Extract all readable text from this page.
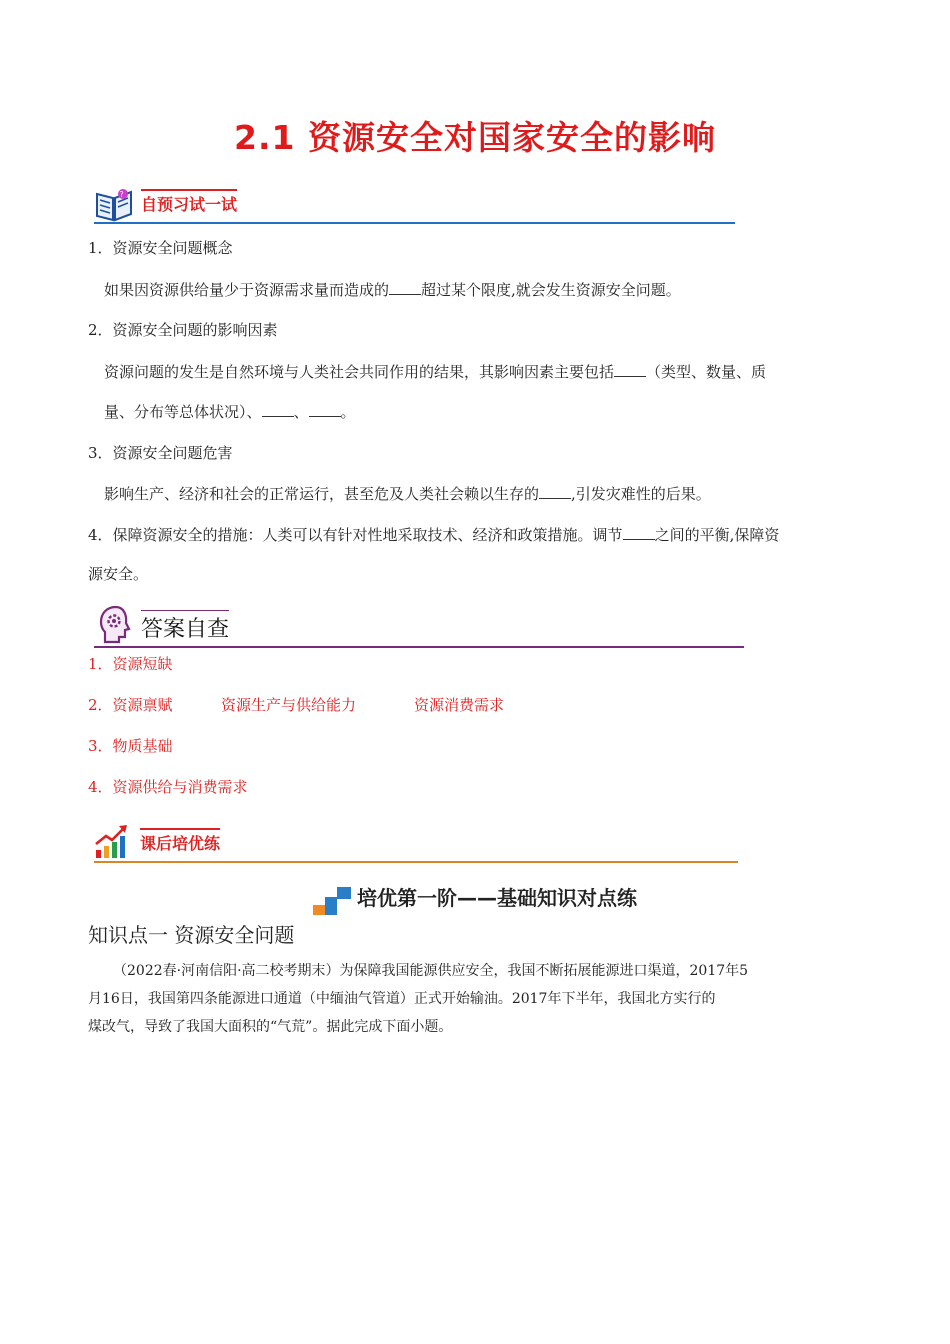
2.1 资源安全对国家安全的影响
?
自预习试一试
1．资源安全问题概念
如果因资源供给量少于资源需求量而造成的 超过某个限度,就会发生资源安全问题。
2．资源安全问题的影响因素
资源问题的发生是自然环境与人类社会共同作用的结果，其影响因素主要包括 （类型、数量、质
量、分布等总体状况）、 、 。
3．资源安全问题危害
影响生产、经济和社会的正常运行，甚至危及人类社会赖以生存的 ,引发灾难性的后果。
4．保障资源安全的措施：人类可以有针对性地采取技术、经济和政策措施。调节 之间的平衡,保障资
源安全。
答案自查
1．资源短缺
2．资源禀赋	资源生产与供给能力	资源消费需求
3．物质基础
4．资源供给与消费需求
课后培优练
培优第一阶——基础知识对点练
知识点一 资源安全问题
（2022春·河南信阳·高二校考期末）为保障我国能源供应安全，我国不断拓展能源进口渠道，2017年5
月16日，我国第四条能源进口通道（中缅油气管道）正式开始输油。2017年下半年，我国北方实行的
煤改气，导致了我国大面积的“气荒”。据此完成下面小题。
